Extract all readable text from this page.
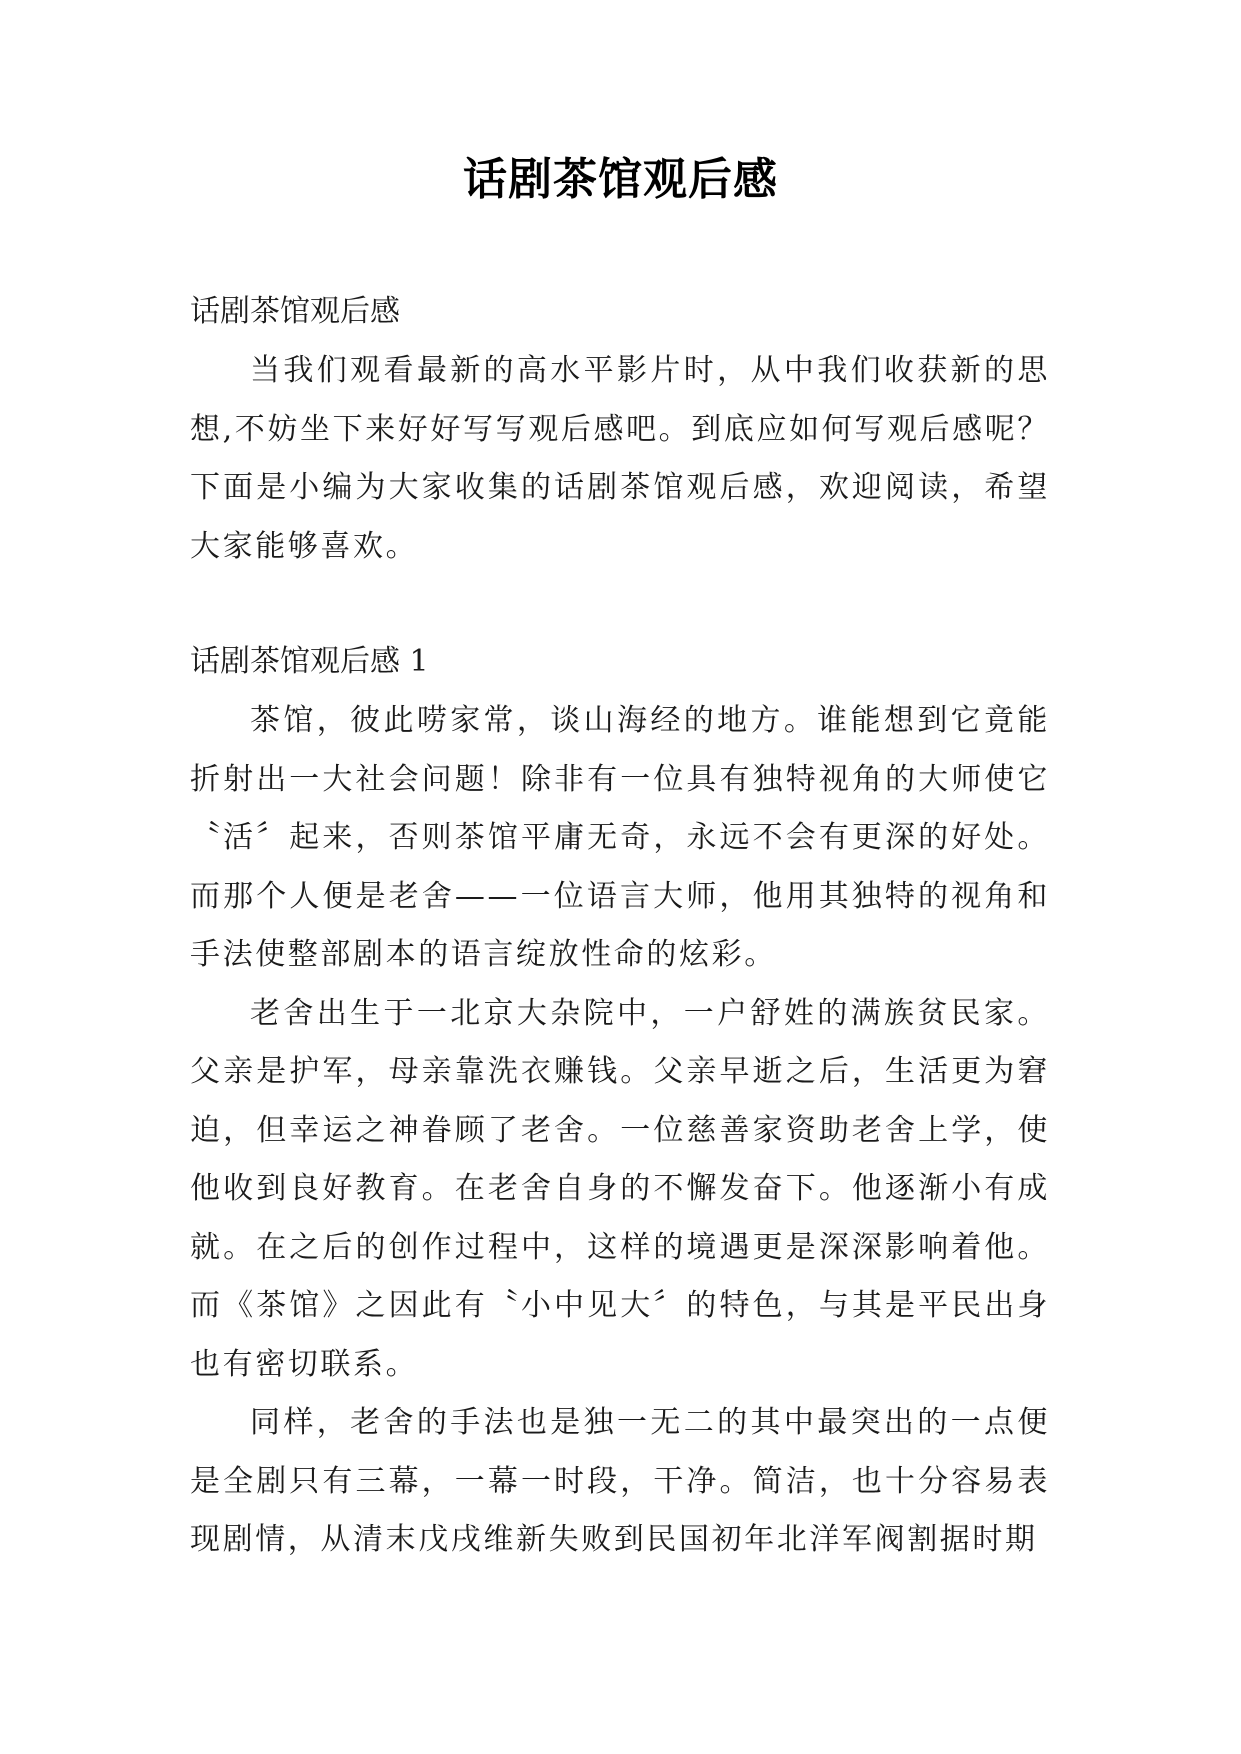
话剧茶馆观后感

话剧茶馆观后感

当我们观看最新的高水平影片时，从中我们收获新的思想,不妨坐下来好好写写观后感吧。到底应如何写观后感呢？下面是小编为大家收集的话剧茶馆观后感，欢迎阅读，希望大家能够喜欢。

话剧茶馆观后感 1

茶馆，彼此唠家常，谈山海经的地方。谁能想到它竟能折射出一大社会问题！除非有一位具有独特视角的大师使它〝活〞起来，否则茶馆平庸无奇，永远不会有更深的好处。而那个人便是老舍——一位语言大师，他用其独特的视角和手法使整部剧本的语言绽放性命的炫彩。

老舍出生于一北京大杂院中，一户舒姓的满族贫民家。父亲是护军，母亲靠洗衣赚钱。父亲早逝之后，生活更为窘迫，但幸运之神眷顾了老舍。一位慈善家资助老舍上学，使他收到良好教育。在老舍自身的不懈发奋下。他逐渐小有成就。在之后的创作过程中，这样的境遇更是深深影响着他。而《茶馆》之因此有〝小中见大〞的特色，与其是平民出身也有密切联系。

同样，老舍的手法也是独一无二的其中最突出的一点便是全剧只有三幕，一幕一时段，干净。简洁，也十分容易表现剧情，从清末戊戌维新失败到民国初年北洋军阀割据时期
